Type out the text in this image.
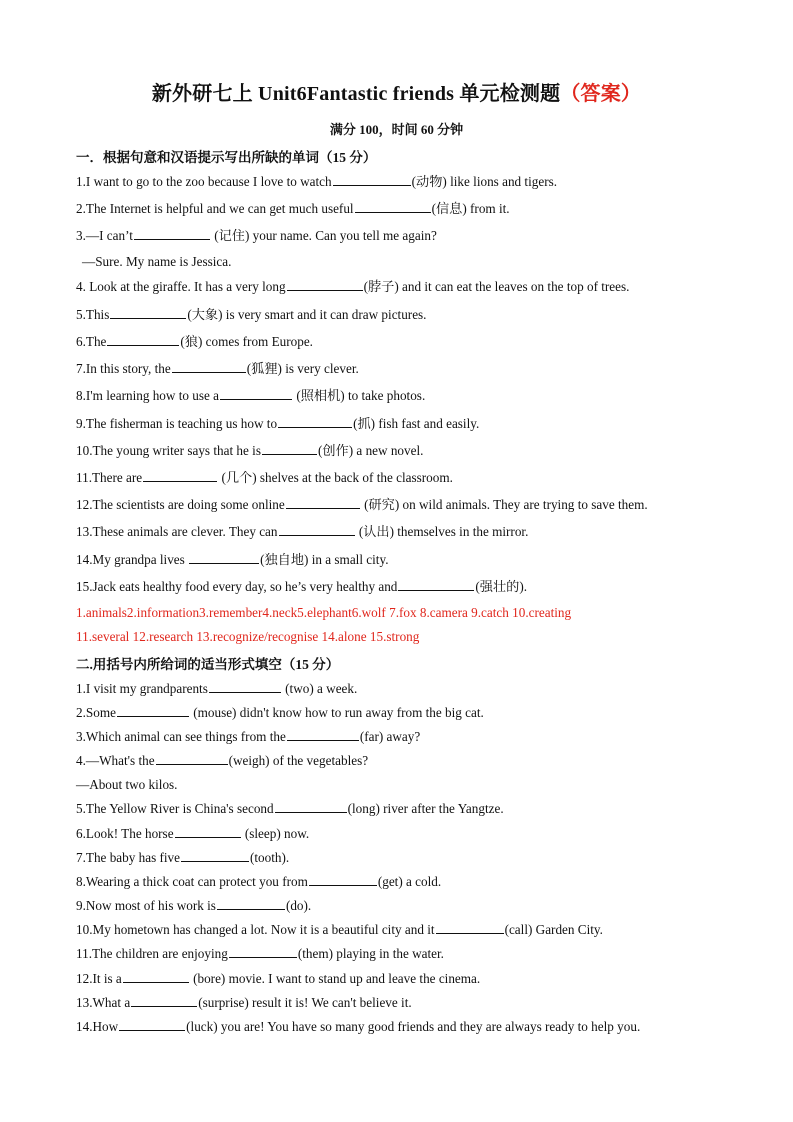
新外研七上 Unit6Fantastic friends 单元检测题（答案）
满分 100，时间 60 分钟
一．根据句意和汉语提示写出所缺的单词（15 分）
1.I want to go to the zoo because I love to watch	(动物) like lions and tigers.
2.The Internet is helpful and we can get much useful	(信息) from it.
3.—I can’t	(记住) your name. Can you tell me again?
—Sure. My name is Jessica.
4. Look at the giraffe. It has a very long	(脖子) and it can eat the leaves on the top of trees.
5.This	(大象) is very smart and it can draw pictures.
6.The	(狼) comes from Europe.
7.In this story, the	(狐狸) is very clever.
8.I'm learning how to use a	(照相机) to take photos.
9.The fisherman is teaching us how to	(抓) fish fast and easily.
10.The young writer says that he is	(创作) a new novel.
11.There are	(几个) shelves at the back of the classroom.
12.The scientists are doing some online	(研究) on wild animals. They are trying to save them.
13.These animals are clever. They can	(认出) themselves in the mirror.
14.My grandpa lives	(独自地) in a small city.
15.Jack eats healthy food every day, so he’s very healthy and	(强壮的).
1.animals2.information3.remember4.neck5.elephant6.wolf 7.fox 8.camera 9.catch 10.creating
11.several 12.research 13.recognize/recognise 14.alone 15.strong
二.用括号内所给词的适当形式填空（15 分）
1.I visit my grandparents	(two) a week.
2.Some	(mouse) didn't know how to run away from the big cat.
3.Which animal can see things from the	(far) away?
4.—What's the	(weigh) of the vegetables?
—About two kilos.
5.The Yellow River is China's second	(long) river after the Yangtze.
6.Look! The horse	(sleep) now.
7.The baby has five	(tooth).
8.Wearing a thick coat can protect you from	(get) a cold.
9.Now most of his work is	(do).
10.My hometown has changed a lot. Now it is a beautiful city and it	(call) Garden City.
11.The children are enjoying	(them) playing in the water.
12.It is a	(bore) movie. I want to stand up and leave the cinema.
13.What a	(surprise) result it is! We can't believe it.
14.How	(luck) you are! You have so many good friends and they are always ready to help you.
